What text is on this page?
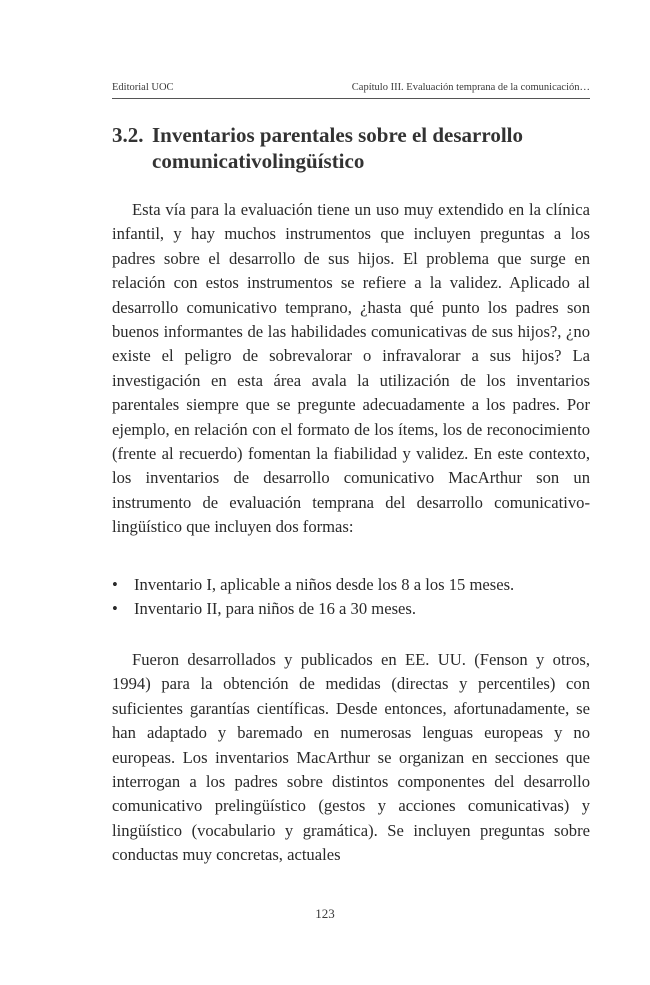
Editorial UOC	Capítulo III. Evaluación temprana de la comunicación…
3.2. Inventarios parentales sobre el desarrollo
comunicativolingüístico

Esta vía para la evaluación tiene un uso muy extendido en la clínica infantil, y hay muchos instrumentos que incluyen preguntas a los padres sobre el desarrollo de sus hijos. El problema que surge en relación con estos instrumentos se refiere a la validez. Aplicado al desarrollo comunicativo temprano, ¿hasta qué punto los padres son buenos informantes de las habilidades comunicativas de sus hijos?, ¿no existe el peligro de sobrevalorar o infravalorar a sus hijos? La investigación en esta área avala la utilización de los inventarios parentales siempre que se pregunte adecuadamente a los padres. Por ejemplo, en relación con el formato de los ítems, los de reconocimiento (frente al recuerdo) fomentan la fiabilidad y validez. En este contexto, los inventarios de desarrollo comunicativo MacArthur son un instrumento de evaluación temprana del desarrollo comunicativo-lingüístico que incluyen dos formas:

• Inventario I, aplicable a niños desde los 8 a los 15 meses.
• Inventario II, para niños de 16 a 30 meses.

Fueron desarrollados y publicados en EE. UU. (Fenson y otros, 1994) para la obtención de medidas (directas y percentiles) con suficientes garantías científicas. Desde entonces, afortunadamente, se han adaptado y baremado en numerosas lenguas europeas y no europeas. Los inventarios MacArthur se organizan en secciones que interrogan a los padres sobre distintos componentes del desarrollo comunicativo prelingüístico (gestos y acciones comunicativas) y lingüístico (vocabulario y gramática). Se incluyen preguntas sobre conductas muy concretas, actuales

123
